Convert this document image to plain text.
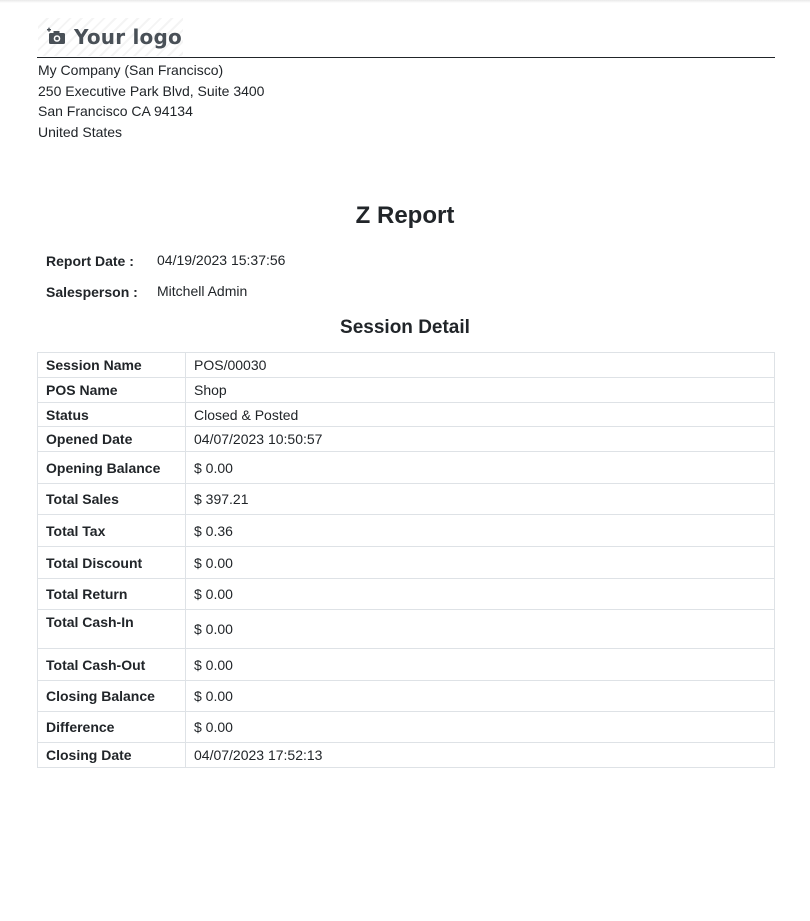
Your logo
My Company (San Francisco)
250 Executive Park Blvd, Suite 3400
San Francisco CA 94134
United States
Z Report
Report Date : 04/19/2023 15:37:56
Salesperson : Mitchell Admin
Session Detail
Session Name	POS/00030
POS Name	Shop
Status	Closed & Posted
Opened Date	04/07/2023 10:50:57
Opening Balance	$ 0.00
Total Sales	$ 397.21
Total Tax	$ 0.36
Total Discount	$ 0.00
Total Return	$ 0.00
Total Cash-In	$ 0.00
Total Cash-Out	$ 0.00
Closing Balance	$ 0.00
Difference	$ 0.00
Closing Date	04/07/2023 17:52:13
